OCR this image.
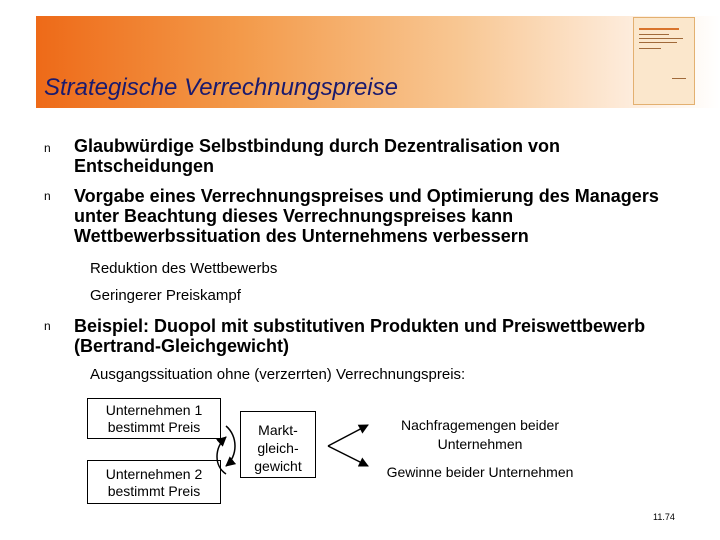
Strategische Verrechnungspreise
n Glaubwürdige Selbstbindung durch Dezentralisation von Entscheidungen
n Vorgabe eines Verrechnungspreises und Optimierung des Managers unter Beachtung dieses Verrechnungspreises kann Wettbewerbssituation des Unternehmens verbessern
Reduktion des Wettbewerbs
Geringerer Preiskampf
n Beispiel: Duopol mit substitutiven Produkten und Preiswettbewerb (Bertrand-Gleichgewicht)
Ausgangssituation ohne (verzerrten) Verrechnungspreis:
Unternehmen 1 bestimmt Preis
Unternehmen 2 bestimmt Preis
Markt-
gleich-
gewicht
Nachfragemengen beider Unternehmen
Gewinne beider Unternehmen
11.74
